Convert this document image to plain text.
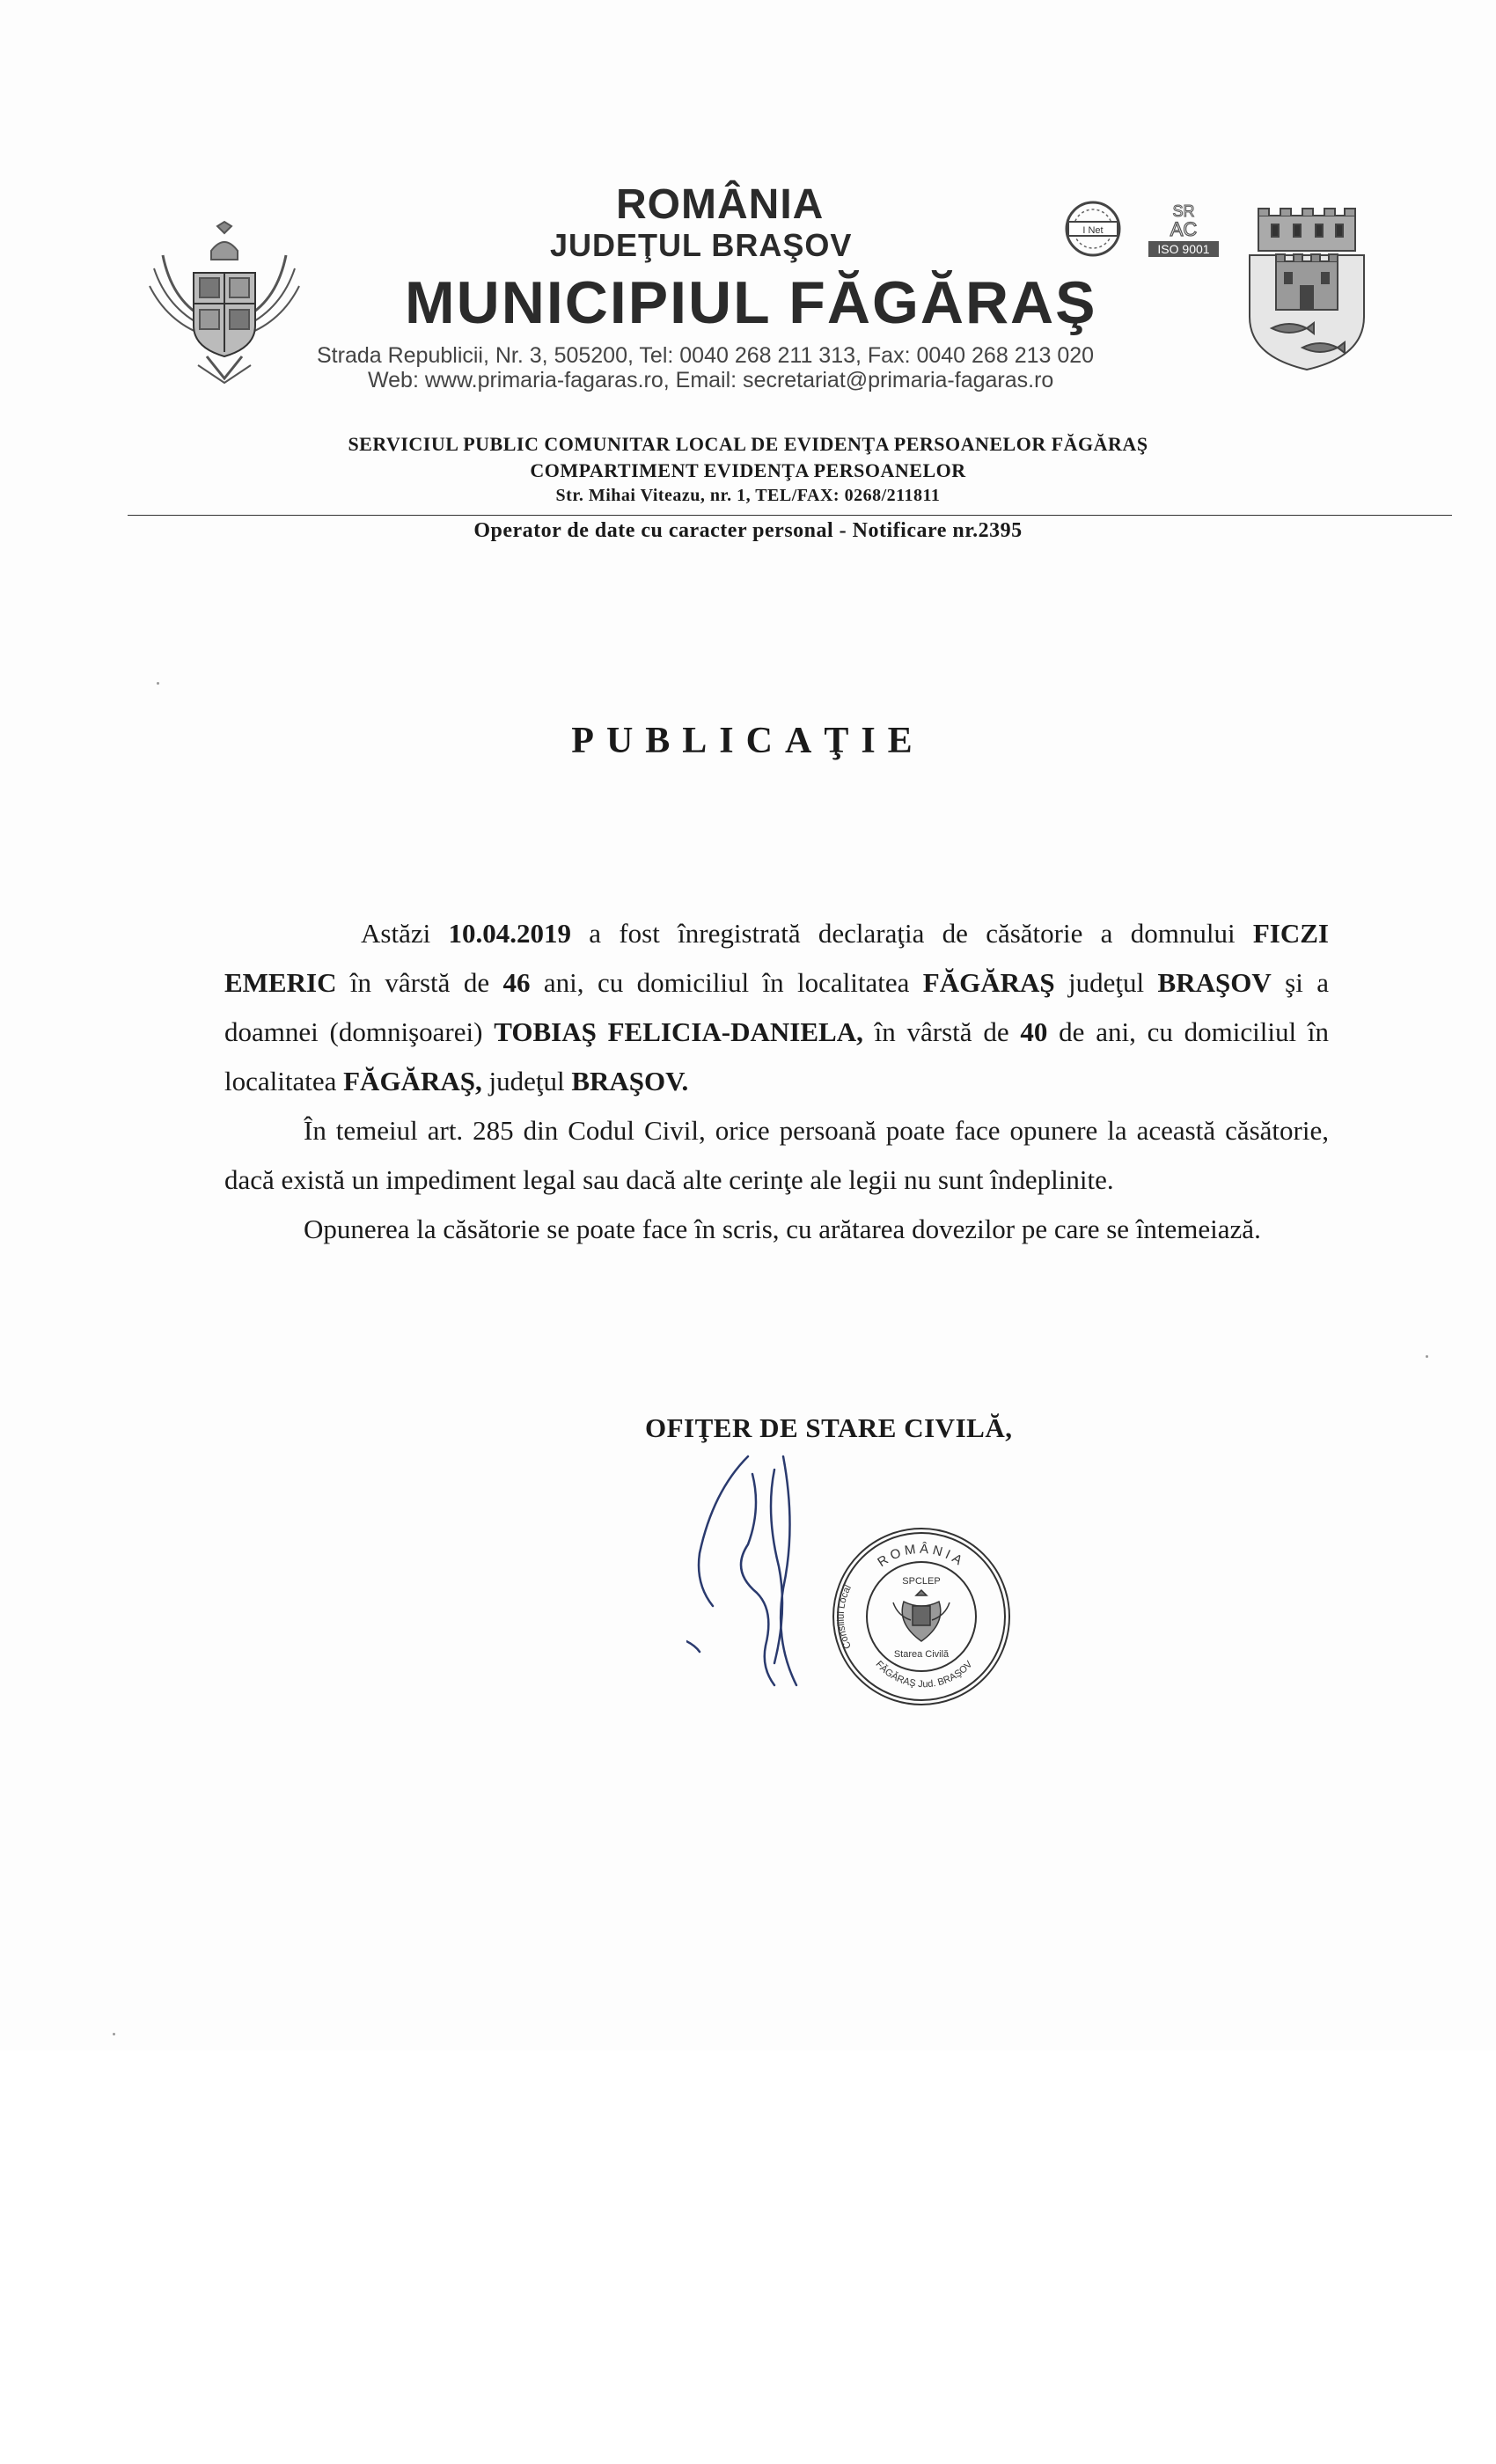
ROMÂNIA
JUDEŢUL BRAŞOV
MUNICIPIUL FĂGĂRAŞ
Strada Republicii, Nr. 3, 505200, Tel: 0040 268 211 313, Fax: 0040 268 213 020
Web: www.primaria-fagaras.ro, Email: secretariat@primaria-fagaras.ro
I Net
SR
AC
ISO 9001
SERVICIUL PUBLIC COMUNITAR LOCAL DE EVIDENŢA PERSOANELOR FĂGĂRAŞ
COMPARTIMENT EVIDENŢA PERSOANELOR
Str. Mihai Viteazu, nr. 1, TEL/FAX: 0268/211811
Operator de date cu caracter personal - Notificare nr.2395
PUBLICAŢIE

Astăzi 10.04.2019 a fost înregistrată declaraţia de căsătorie a domnului FICZI EMERIC în vârstă de 46 ani, cu domiciliul în localitatea FĂGĂRAŞ judeţul BRAŞOV şi a doamnei (domnişoarei) TOBIAŞ FELICIA-DANIELA, în vârstă de 40 de ani, cu domiciliul în localitatea FĂGĂRAŞ, judeţul BRAŞOV.

În temeiul art. 285 din Codul Civil, orice persoană poate face opunere la această căsătorie, dacă există un impediment legal sau dacă alte cerinţe ale legii nu sunt îndeplinite.

Opunerea la căsătorie se poate face în scris, cu arătarea dovezilor pe care se întemeiază.

OFIŢER DE STARE CIVILĂ,
ROMÂNIA
Consiliul Local
FĂGĂRAŞ Jud. BRAŞOV
SPCLEP
Starea Civilă
